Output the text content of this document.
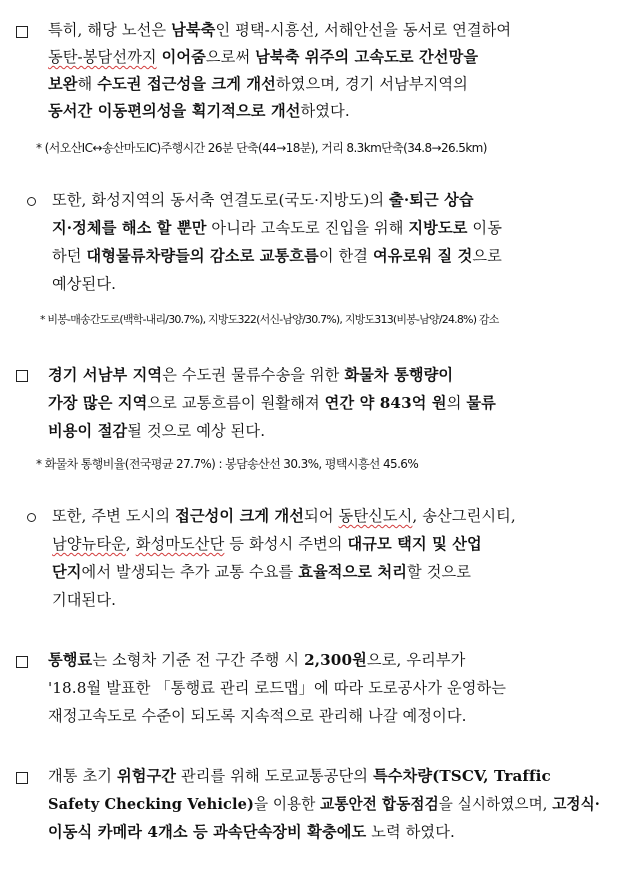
특히, 해당 노선은 남북축인 평택-시흥선, 서해안선을 동서로 연결하여
동탄-봉담선까지 이어줌으로써 남북축 위주의 고속도로 간선망을
보완해 수도권 접근성을 크게 개선하였으며, 경기 서남부지역의
동서간 이동편의성을 획기적으로 개선하였다.
* (서오산IC↔송산마도IC)주행시간 26분 단축(44→18분), 거리 8.3km단축(34.8→26.5km)
또한, 화성지역의 동서축 연결도로(국도·지방도)의 출·퇴근 상습
지·정체를 해소 할 뿐만 아니라 고속도로 진입을 위해 지방도로 이동
하던 대형물류차량들의 감소로 교통흐름이 한결 여유로워 질 것으로
예상된다.
* 비봉-매송간도로(백학-내리/30.7%), 지방도322(서신-남양/30.7%), 지방도313(비봉-남양/24.8%) 감소
경기 서남부 지역은 수도권 물류수송을 위한 화물차 통행량이
가장 많은 지역으로 교통흐름이 원활해져 연간 약 843억 원의 물류
비용이 절감될 것으로 예상 된다.
* 화물차 통행비율(전국평균 27.7%) : 봉담송산선 30.3%, 평택시흥선 45.6%
또한, 주변 도시의 접근성이 크게 개선되어 동탄신도시, 송산그린시티,
남양뉴타운, 화성마도산단 등 화성시 주변의 대규모 택지 및 산업
단지에서 발생되는 추가 교통 수요를 효율적으로 처리할 것으로
기대된다.
통행료는 소형차 기준 전 구간 주행 시 2,300원으로, 우리부가
'18.8월 발표한 「통행료 관리 로드맵」에 따라 도로공사가 운영하는
재정고속도로 수준이 되도록 지속적으로 관리해 나갈 예정이다.
개통 초기 위험구간 관리를 위해 도로교통공단의 특수차량(TSCV, Traffic
Safety Checking Vehicle)을 이용한 교통안전 합동점검을 실시하였으며, 고정식·
이동식 카메라 4개소 등 과속단속장비 확충에도 노력 하였다.
